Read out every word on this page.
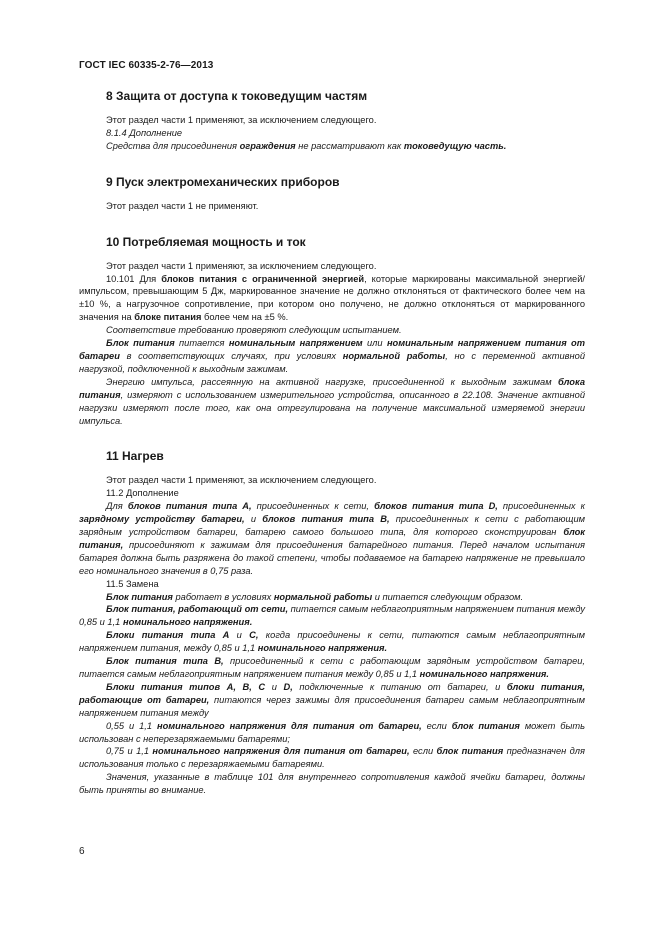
ГОСТ IEC 60335-2-76—2013
8 Защита от доступа к токоведущим частям

Этот раздел части 1 применяют, за исключением следующего.

8.1.4 Дополнение

Средства для присоединения ограждения не рассматривают как токоведущую часть.

9 Пуск электромеханических приборов

Этот раздел части 1 не применяют.

10 Потребляемая мощность и ток

Этот раздел части 1 применяют, за исключением следующего.

10.101 Для блоков питания с ограниченной энергией, которые маркированы максимальной энергией/импульсом, превышающим 5 Дж, маркированное значение не должно отклоняться от фактического более чем на ±10 %, а нагрузочное сопротивление, при котором оно получено, не должно отклоняться от маркированного значения на блоке питания более чем на ±5 %.

Соответствие требованию проверяют следующим испытанием.

Блок питания питается номинальным напряжением или номинальным напряжением питания от батареи в соответствующих случаях, при условиях нормальной работы, но с переменной активной нагрузкой, подключенной к выходным зажимам.

Энергию импульса, рассеянную на активной нагрузке, присоединенной к выходным зажимам блока питания, измеряют с использованием измерительного устройства, описанного в 22.108. Значение активной нагрузки измеряют после того, как она отрегулирована на получение максимальной измеряемой энергии импульса.

11 Нагрев

Этот раздел части 1 применяют, за исключением следующего.

11.2 Дополнение

Для блоков питания типа А, присоединенных к сети, блоков питания типа D, присоединенных к зарядному устройству батареи, и блоков питания типа В, присоединенных к сети с работающим зарядным устройством батареи, батарею самого большого типа, для которого сконструирован блок питания, присоединяют к зажимам для присоединения батарейного питания. Перед началом испытания батарея должна быть разряжена до такой степени, чтобы подаваемое на батарею напряжение не превышало его номинального значения в 0,75 раза.

11.5 Замена

Блок питания работает в условиях нормальной работы и питается следующим образом.

Блок питания, работающий от сети, питается самым неблагоприятным напряжением питания между 0,85 и 1,1 номинального напряжения.

Блоки питания типа А и С, когда присоединены к сети, питаются самым неблагоприятным напряжением питания, между 0,85 и 1,1 номинального напряжения.

Блок питания типа В, присоединенный к сети с работающим зарядным устройством батареи, питается самым неблагоприятным напряжением питания между 0,85 и 1,1 номинального напряжения.

Блоки питания типов А, В, С и D, подключенные к питанию от батареи, и блоки питания, работающие от батареи, питаются через зажимы для присоединения батареи самым неблагоприятным напряжением питания между

0,55 и 1,1 номинального напряжения для питания от батареи, если блок питания может быть использован с неперезаряжаемыми батареями;

0,75 и 1,1 номинального напряжения для питания от батареи, если блок питания предназначен для использования только с перезаряжаемыми батареями.

Значения, указанные в таблице 101 для внутреннего сопротивления каждой ячейки батареи, должны быть приняты во внимание.

6
